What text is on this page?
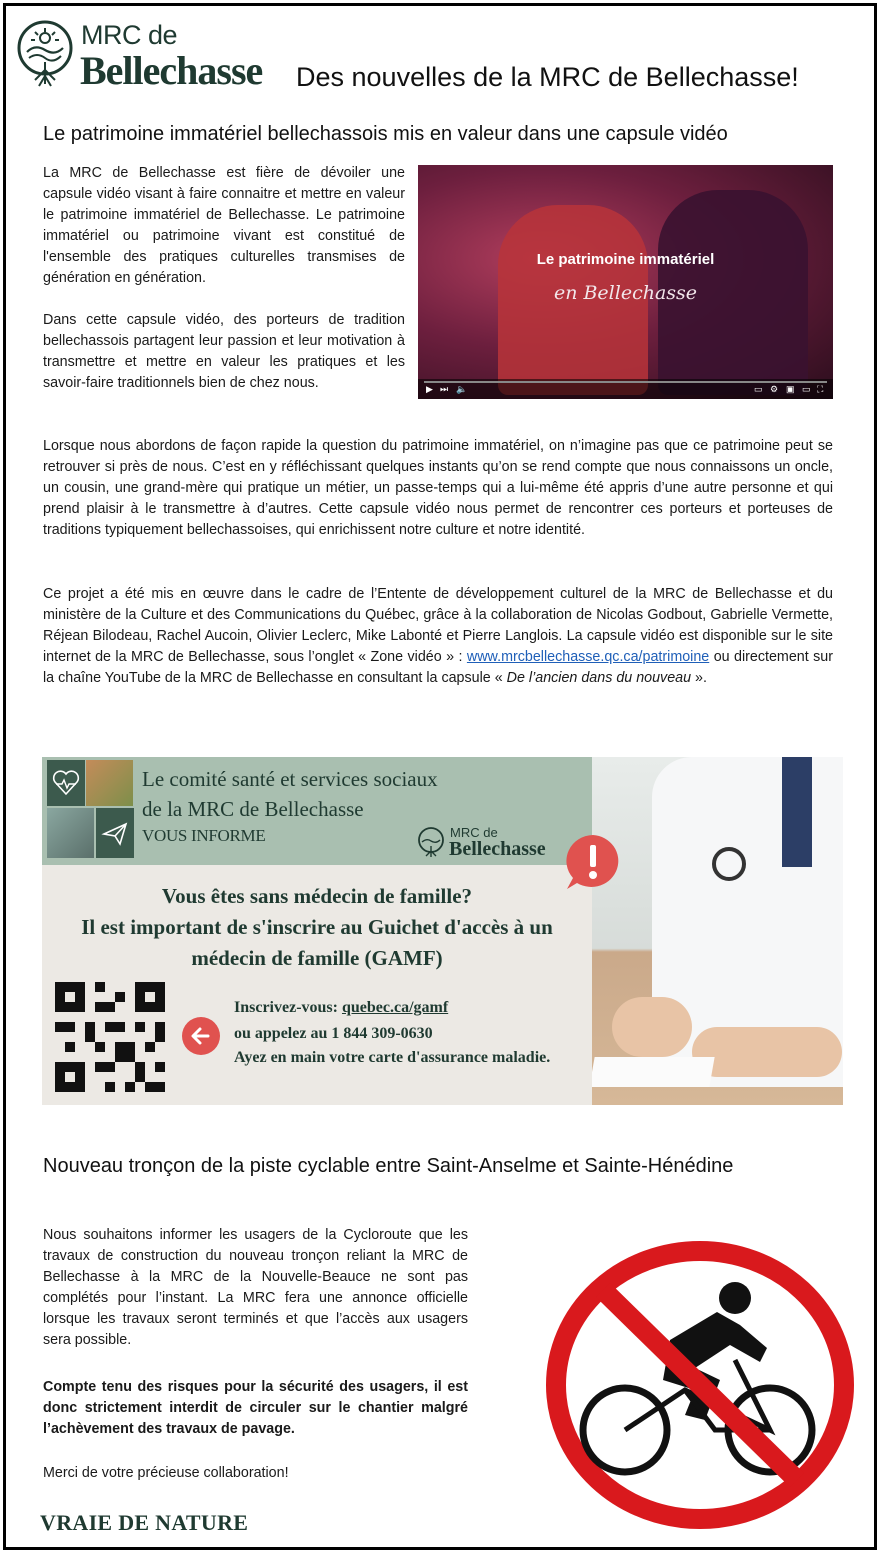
MRC de
Bellechasse Des nouvelles de la MRC de Bellechasse!
Le patrimoine immatériel bellechassois mis en valeur dans une capsule vidéo
La MRC de Bellechasse est fière de dévoiler une capsule vidéo visant à faire connaitre et mettre en valeur le patrimoine immatériel de Bellechasse. Le patrimoine immatériel ou patrimoine vivant est constitué de l'ensemble des pratiques culturelles transmises de génération en génération.
Dans cette capsule vidéo, des porteurs de tradition bellechassois partagent leur passion et leur motivation à transmettre et mettre en valeur les pratiques et les savoir-faire traditionnels bien de chez nous.
Le patrimoine immatériel
en Bellechasse
▶ ⏭ 🔈	▭ ⚙ ▣ ▭ ⛶
Lorsque nous abordons de façon rapide la question du patrimoine immatériel, on n’imagine pas que ce patrimoine peut se retrouver si près de nous. C’est en y réfléchissant quelques instants qu’on se rend compte que nous connaissons un oncle, un cousin, une grand-mère qui pratique un métier, un passe-temps qui a lui-même été appris d’une autre personne et qui prend plaisir à le transmettre à d’autres. Cette capsule vidéo nous permet de rencontrer ces porteurs et porteuses de traditions typiquement bellechassoises, qui enrichissent notre culture et notre identité.
Ce projet a été mis en œuvre dans le cadre de l’Entente de développement culturel de la MRC de Bellechasse et du ministère de la Culture et des Communications du Québec, grâce à la collaboration de Nicolas Godbout, Gabrielle Vermette, Réjean Bilodeau, Rachel Aucoin, Olivier Leclerc, Mike Labonté et Pierre Langlois. La capsule vidéo est disponible sur le site internet de la MRC de Bellechasse, sous l’onglet « Zone vidéo » : www.mrcbellechasse.qc.ca/patrimoine ou directement sur la chaîne YouTube de la MRC de Bellechasse en consultant la capsule « De l’ancien dans du nouveau ».
Le comité santé et services sociaux
de la MRC de Bellechasse
VOUS INFORME	MRC de
Bellechasse
Vous êtes sans médecin de famille?
Il est important de s'inscrire au Guichet d'accès à un
médecin de famille (GAMF)
Inscrivez-vous: quebec.ca/gamf
ou appelez au 1 844 309-0630
Ayez en main votre carte d'assurance maladie.
Nouveau tronçon de la piste cyclable entre Saint-Anselme et Sainte-Hénédine
Nous souhaitons informer les usagers de la Cycloroute que les travaux de construction du nouveau tronçon reliant la MRC de Bellechasse à la MRC de la Nouvelle-Beauce ne sont pas complétés pour l’instant. La MRC fera une annonce officielle lorsque les travaux seront terminés et que l’accès aux usagers sera possible.
Compte tenu des risques pour la sécurité des usagers, il est donc strictement interdit de circuler sur le chantier malgré l’achèvement des travaux de pavage.
Merci de votre précieuse collaboration!
VRAIE DE NATURE
